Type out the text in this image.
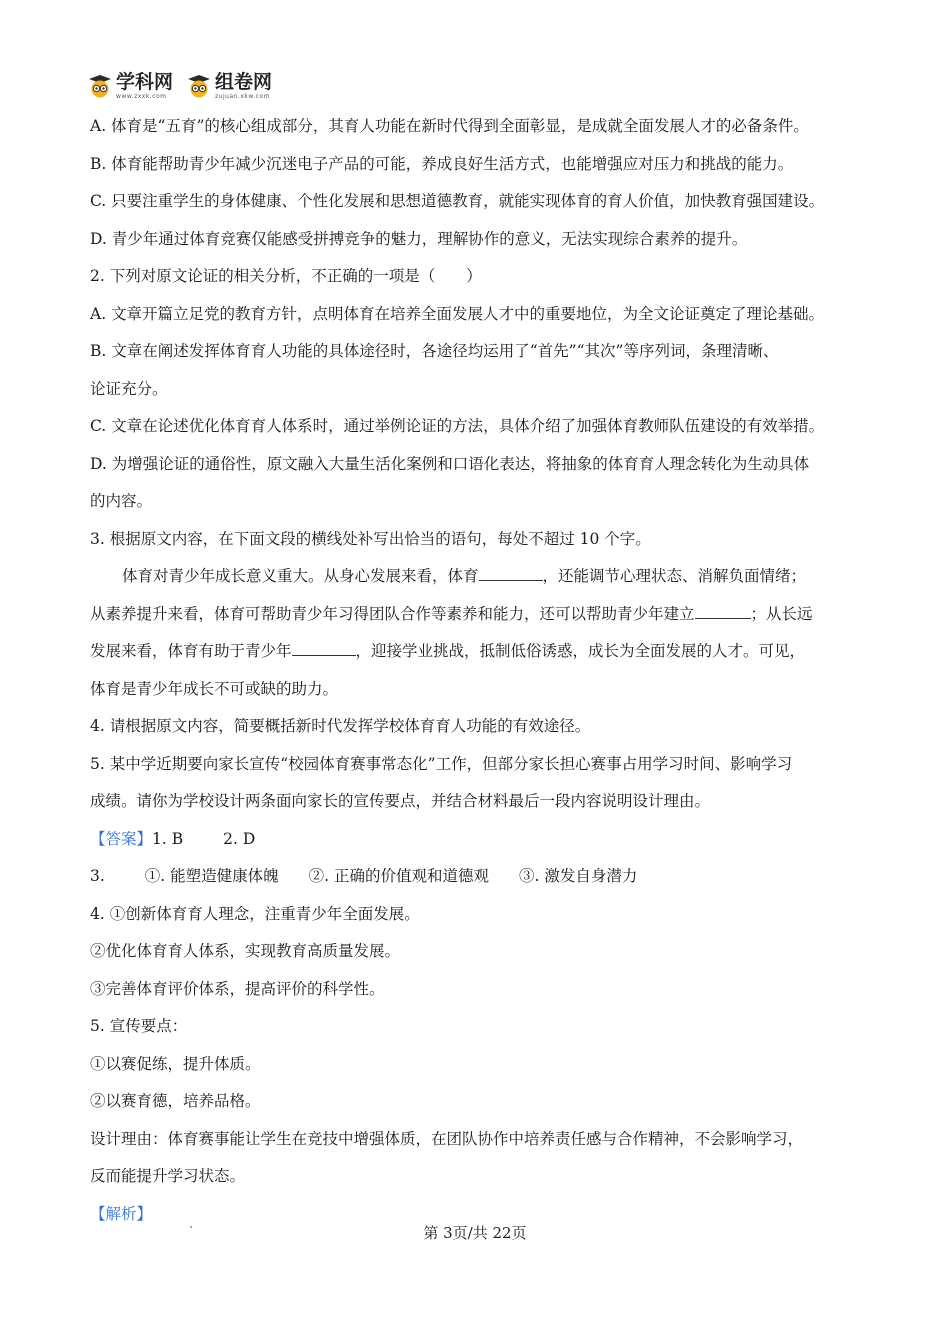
学科网
www.zxxk.com
组卷网
zujuan.xkw.com
A. 体育是“五育”的核心组成部分，其育人功能在新时代得到全面彰显，是成就全面发展人才的必备条件。
B. 体育能帮助青少年减少沉迷电子产品的可能，养成良好生活方式，也能增强应对压力和挑战的能力。
C. 只要注重学生的身体健康、个性化发展和思想道德教育，就能实现体育的育人价值，加快教育强国建设。
D. 青少年通过体育竞赛仅能感受拼搏竞争的魅力，理解协作的意义，无法实现综合素养的提升。
2. 下列对原文论证的相关分析，不正确的一项是（　　）
A. 文章开篇立足党的教育方针，点明体育在培养全面发展人才中的重要地位，为全文论证奠定了理论基础。
B. 文章在阐述发挥体育育人功能的具体途径时，各途径均运用了“首先”“其次”等序列词，条理清晰、
论证充分。
C. 文章在论述优化体育育人体系时，通过举例论证的方法，具体介绍了加强体育教师队伍建设的有效举措。
D. 为增强论证的通俗性，原文融入大量生活化案例和口语化表达，将抽象的体育育人理念转化为生动具体
的内容。
3. 根据原文内容，在下面文段的横线处补写出恰当的语句，每处不超过 10 个字。
体育对青少年成长意义重大。从身心发展来看，体育	，还能调节心理状态、消解负面情绪；
从素养提升来看，体育可帮助青少年习得团队合作等素养和能力，还可以帮助青少年建立	；从长远
发展来看，体育有助于青少年	，迎接学业挑战，抵制低俗诱惑，成长为全面发展的人才。可见，
体育是青少年成长不可或缺的助力。
4. 请根据原文内容，简要概括新时代发挥学校体育育人功能的有效途径。
5. 某中学近期要向家长宣传“校园体育赛事常态化”工作，但部分家长担心赛事占用学习时间、影响学习
成绩。请你为学校设计两条面向家长的宣传要点，并结合材料最后一段内容说明设计理由。
【答案】1. B	2. D
3.	①. 能塑造健康体魄 ②. 正确的价值观和道德观 ③. 激发自身潜力
4. ①创新体育育人理念，注重青少年全面发展。
②优化体育育人体系，实现教育高质量发展。
③完善体育评价体系，提高评价的科学性。
5. 宣传要点：
①以赛促练，提升体质。
②以赛育德，培养品格。
设计理由：体育赛事能让学生在竞技中增强体质，在团队协作中培养责任感与合作精神，不会影响学习，
反而能提升学习状态。
【解析】
第 3页/共 22页
